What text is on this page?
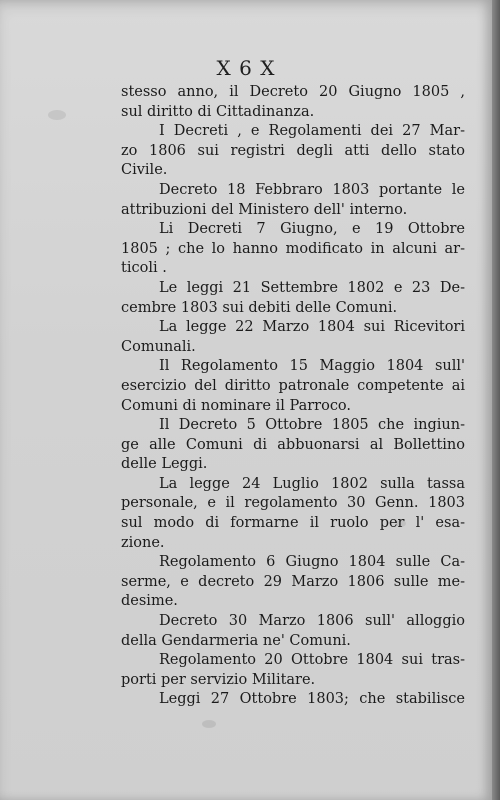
X 6 X
stesso anno, il Decreto 20 Giugno 1805 ,
sul diritto di Cittadinanza.
I Decreti , e Regolamenti dei 27 Mar-
zo 1806 sui registri degli atti dello stato
Civile.
Decreto 18 Febbraro 1803 portante le
attribuzioni del Ministero dell' interno.
Li Decreti 7 Giugno, e 19 Ottobre
1805 ; che lo hanno modificato in alcuni ar-
ticoli .
Le leggi 21 Settembre 1802 e 23 De-
cembre 1803 sui debiti delle Comuni.
La legge 22 Marzo 1804 sui Ricevitori
Comunali.
Il Regolamento 15 Maggio 1804 sull'
esercizio del diritto patronale competente ai
Comuni di nominare il Parroco.
Il Decreto 5 Ottobre 1805 che ingiun-
ge alle Comuni di abbuonarsi al Bollettino
delle Leggi.
La legge 24 Luglio 1802 sulla tassa
personale, e il regolamento 30 Genn. 1803
sul modo di formarne il ruolo per l' esa-
zione.
Regolamento 6 Giugno 1804 sulle Ca-
serme, e decreto 29 Marzo 1806 sulle me-
desime.
Decreto 30 Marzo 1806 sull' alloggio
della Gendarmeria ne' Comuni.
Regolamento 20 Ottobre 1804 sui tras-
porti per servizio Militare.
Leggi 27 Ottobre 1803; che stabilisce
